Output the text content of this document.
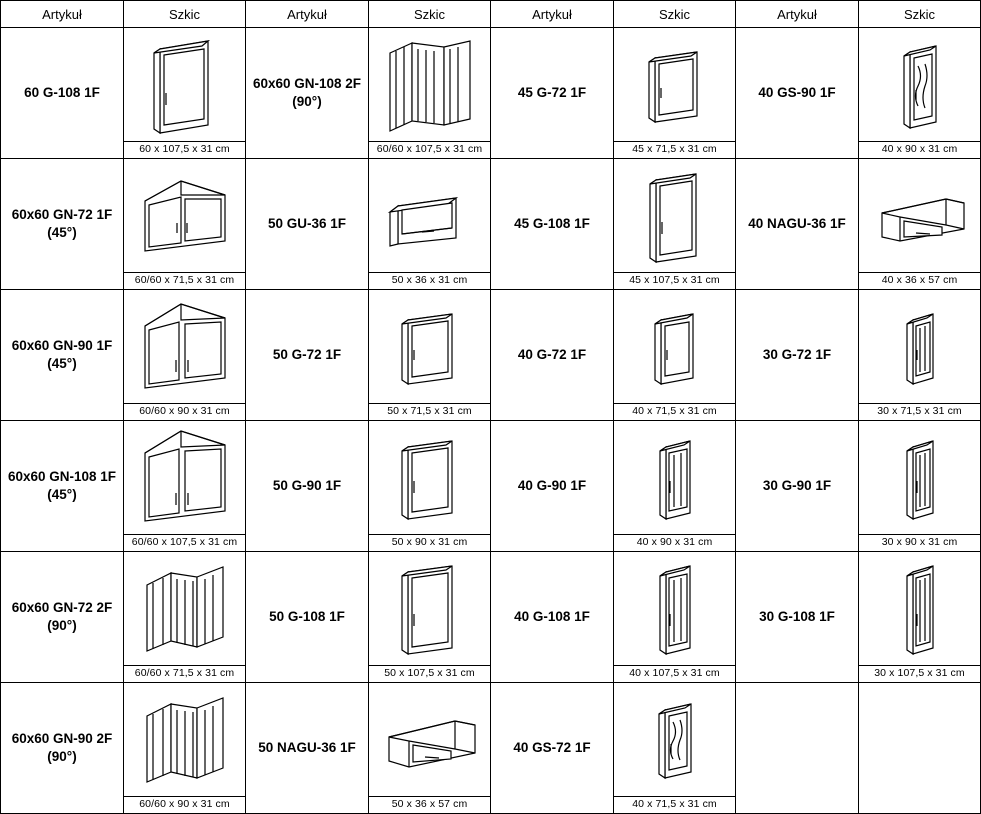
Artykuł	Szkic	Artykuł	Szkic	Artykuł	Szkic	Artykuł	Szkic
60 G-108 1F	60 x 107,5 x 31 cm	60x60 GN-108 2F (90°)	60/60 x 107,5 x 31 cm	45 G-72 1F	45 x 71,5 x 31 cm	40 GS-90 1F	40 x 90 x 31 cm

60x60 GN-72 1F (45°)	60/60 x 71,5 x 31 cm	50 GU-36 1F	50 x 36 x 31 cm	45 G-108 1F	45 x 107,5 x 31 cm	40 NAGU-36 1F	40 x 36 x 57 cm

60x60 GN-90 1F (45°)	60/60 x 90 x 31 cm	50 G-72 1F	50 x 71,5 x 31 cm	40 G-72 1F	40 x 71,5 x 31 cm	30 G-72 1F	30 x 71,5 x 31 cm

60x60 GN-108 1F (45°)	60/60 x 107,5 x 31 cm	50 G-90 1F	50 x 90 x 31 cm	40 G-90 1F	40 x 90 x 31 cm	30 G-90 1F	30 x 90 x 31 cm

60x60 GN-72 2F (90°)	60/60 x 71,5 x 31 cm	50 G-108 1F	50 x 107,5 x 31 cm	40 G-108 1F	40 x 107,5 x 31 cm	30 G-108 1F	30 x 107,5 x 31 cm

60x60 GN-90 2F (90°)	60/60 x 90 x 31 cm	50 NAGU-36 1F	50 x 36 x 57 cm	40 GS-72 1F	40 x 71,5 x 31 cm		
